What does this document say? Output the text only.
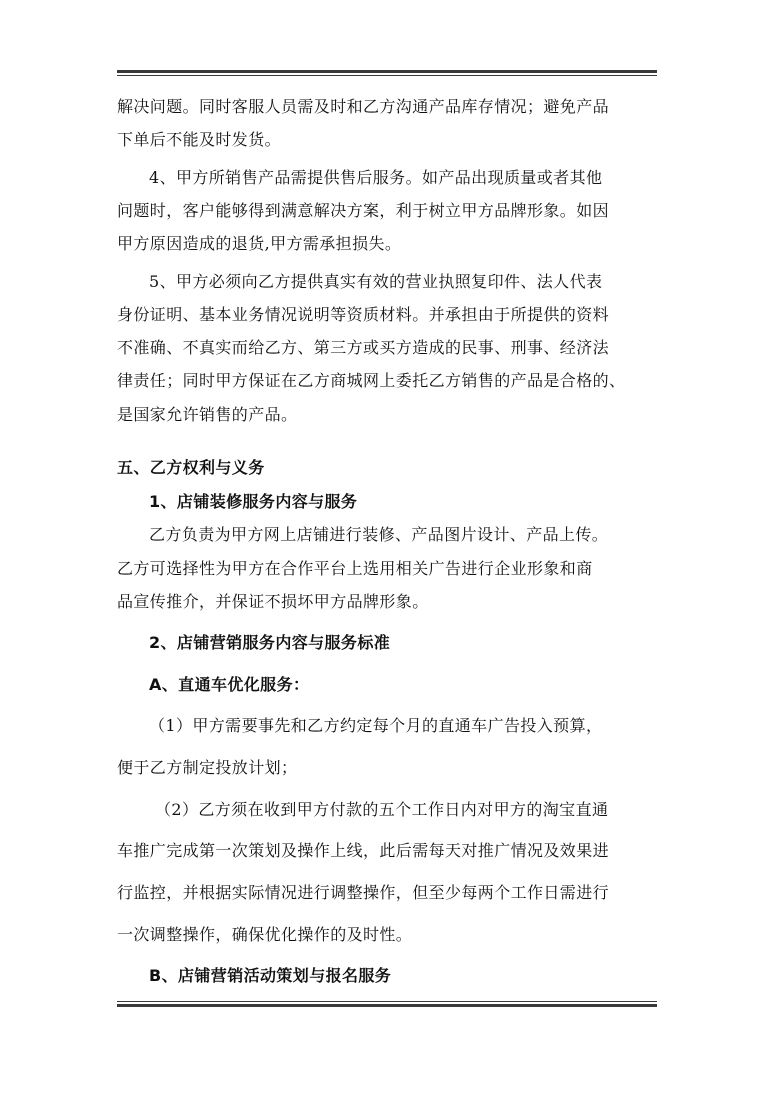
解决问题。同时客服人员需及时和乙方沟通产品库存情况；避免产品
下单后不能及时发货。
4、甲方所销售产品需提供售后服务。如产品出现质量或者其他
问题时，客户能够得到满意解决方案，利于树立甲方品牌形象。如因
甲方原因造成的退货,甲方需承担损失。
5、甲方必须向乙方提供真实有效的营业执照复印件、法人代表
身份证明、基本业务情况说明等资质材料。并承担由于所提供的资料
不准确、不真实而给乙方、第三方或买方造成的民事、刑事、经济法
律责任；同时甲方保证在乙方商城网上委托乙方销售的产品是合格的、
是国家允许销售的产品。
五、乙方权利与义务
1、店铺装修服务内容与服务
乙方负责为甲方网上店铺进行装修、产品图片设计、产品上传。
乙方可选择性为甲方在合作平台上选用相关广告进行企业形象和商
品宣传推介，并保证不损坏甲方品牌形象。
2、店铺营销服务内容与服务标准
A、直通车优化服务：
（1）甲方需要事先和乙方约定每个月的直通车广告投入预算，
便于乙方制定投放计划；
（2）乙方须在收到甲方付款的五个工作日内对甲方的淘宝直通
车推广完成第一次策划及操作上线，此后需每天对推广情况及效果进
行监控，并根据实际情况进行调整操作，但至少每两个工作日需进行
一次调整操作，确保优化操作的及时性。
B、店铺营销活动策划与报名服务
